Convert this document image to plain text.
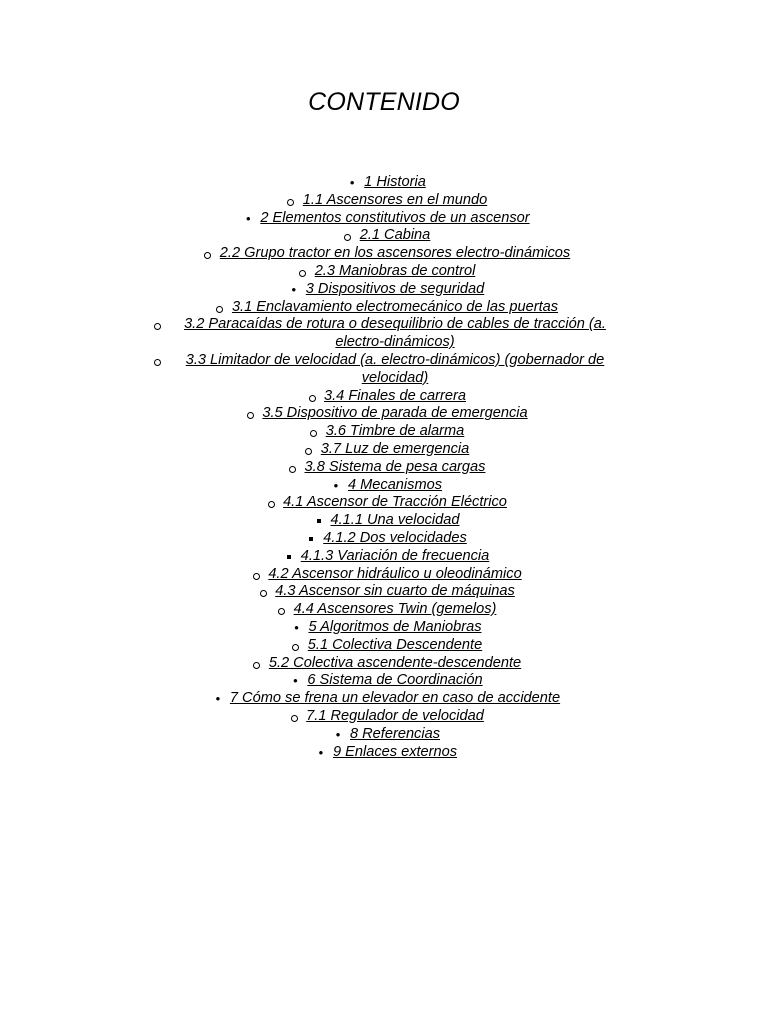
CONTENIDO
•
1 Historia
1.1 Ascensores en el mundo
•
2 Elementos constitutivos de un ascensor
2.1 Cabina
2.2 Grupo tractor en los ascensores electro-dinámicos
2.3 Maniobras de control
•
3 Dispositivos de seguridad
3.1 Enclavamiento electromecánico de las puertas
3.2 Paracaídas de rotura o desequilibrio de cables de tracción (a. electro-dinámicos)
3.3 Limitador de velocidad (a. electro-dinámicos) (gobernador de velocidad)
3.4 Finales de carrera
3.5 Dispositivo de parada de emergencia
3.6 Timbre de alarma
3.7 Luz de emergencia
3.8 Sistema de pesa cargas
•
4 Mecanismos
4.1 Ascensor de Tracción Eléctrico
4.1.1 Una velocidad
4.1.2 Dos velocidades
4.1.3 Variación de frecuencia
4.2 Ascensor hidráulico u oleodinámico
4.3 Ascensor sin cuarto de máquinas
4.4 Ascensores Twin (gemelos)
•
5 Algoritmos de Maniobras
5.1 Colectiva Descendente
5.2 Colectiva ascendente-descendente
•
6 Sistema de Coordinación
•
7 Cómo se frena un elevador en caso de accidente
7.1 Regulador de velocidad
•
8 Referencias
•
9 Enlaces externos
